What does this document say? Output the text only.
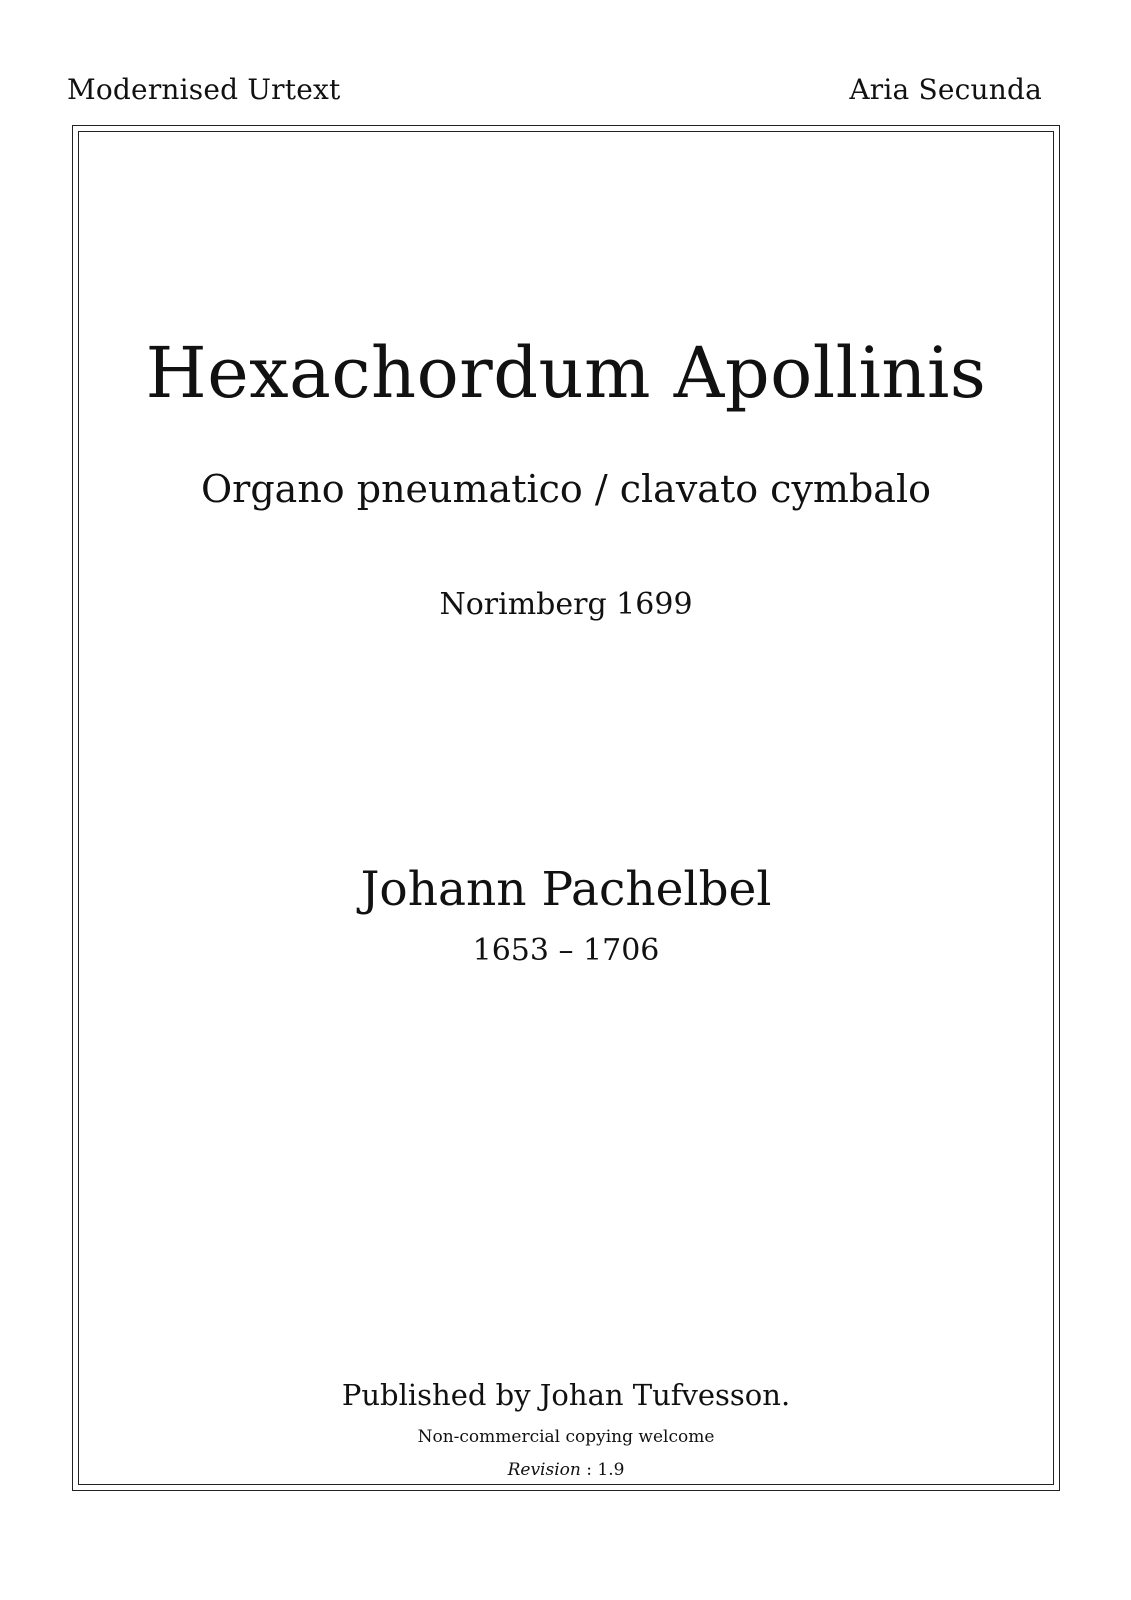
Modernised Urtext	Aria Secunda
Hexachordum Apollinis
Organo pneumatico / clavato cymbalo
Norimberg 1699
Johann Pachelbel
1653 – 1706
Published by Johan Tufvesson.
Non-commercial copying welcome
Revision : 1.9
